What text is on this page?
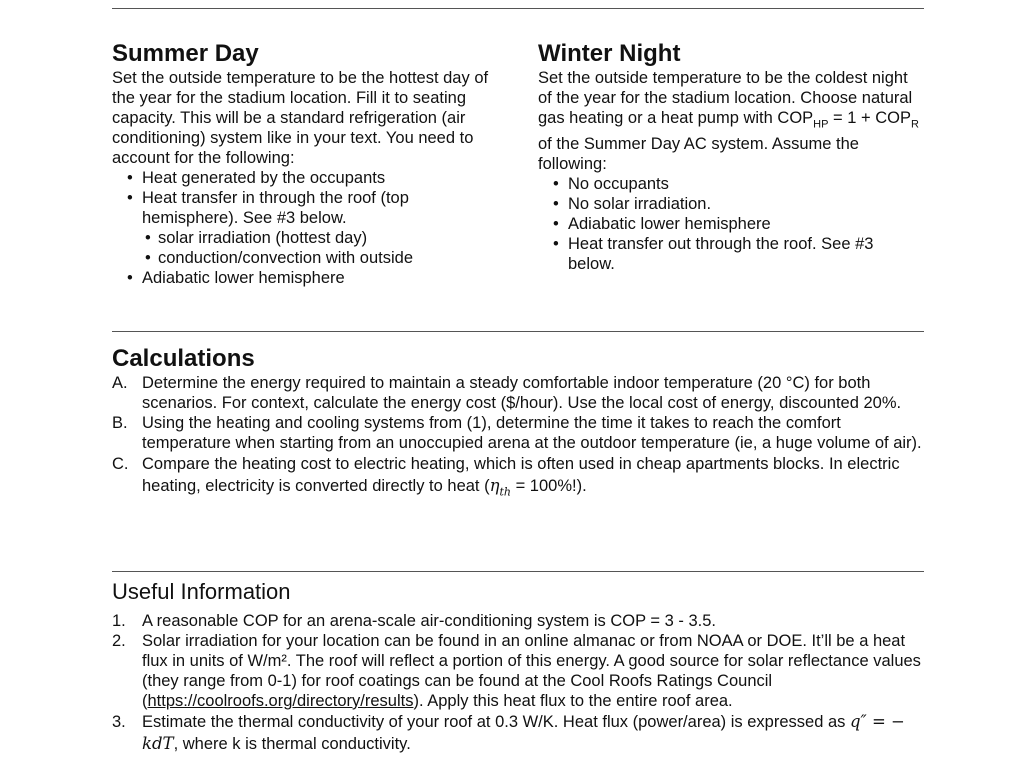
Summer Day

Set the outside temperature to be the hottest day of the year for the stadium location. Fill it to seating capacity. This will be a standard refrigeration (air conditioning) system like in your text. You need to account for the following:

• Heat generated by the occupants
• Heat transfer in through the roof (top hemisphere). See #3 below.
• solar irradiation (hottest day)
• conduction/convection with outside
• Adiabatic lower hemisphere
Winter Night

Set the outside temperature to be the coldest night of the year for the stadium location. Choose natural gas heating or a heat pump with $COP_{HP} = 1 + COP_R$ of the Summer Day AC system. Assume the following:

• No occupants
• No solar irradiation.
• Adiabatic lower hemisphere
• Heat transfer out through the roof. See #3 below.
Calculations
A. Determine the energy required to maintain a steady comfortable indoor temperature (20 °C) for both scenarios. For context, calculate the energy cost ($/hour). Use the local cost of energy, discounted 20%.
B. Using the heating and cooling systems from (1), determine the time it takes to reach the comfort temperature when starting from an unoccupied arena at the outdoor temperature (ie, a huge volume of air).
C. Compare the heating cost to electric heating, which is often used in cheap apartments blocks. In electric heating, electricity is converted directly to heat $(\eta_{th} = 100\%!)$.
Useful Information
1. A reasonable COP for an arena-scale air-conditioning system is COP = 3 - 3.5.
2. Solar irradiation for your location can be found in an online almanac or from NOAA or DOE. It’ll be a heat flux in units of W/m². The roof will reflect a portion of this energy. A good source for solar reflectance values (they range from 0-1) for roof coatings can be found at the Cool Roofs Ratings Council (https://coolroofs.org/directory/results). Apply this heat flux to the entire roof area.
3. Estimate the thermal conductivity of your roof at 0.3 W/K. Heat flux (power/area) is expressed as q″ = − kdT, where k is thermal conductivity.
